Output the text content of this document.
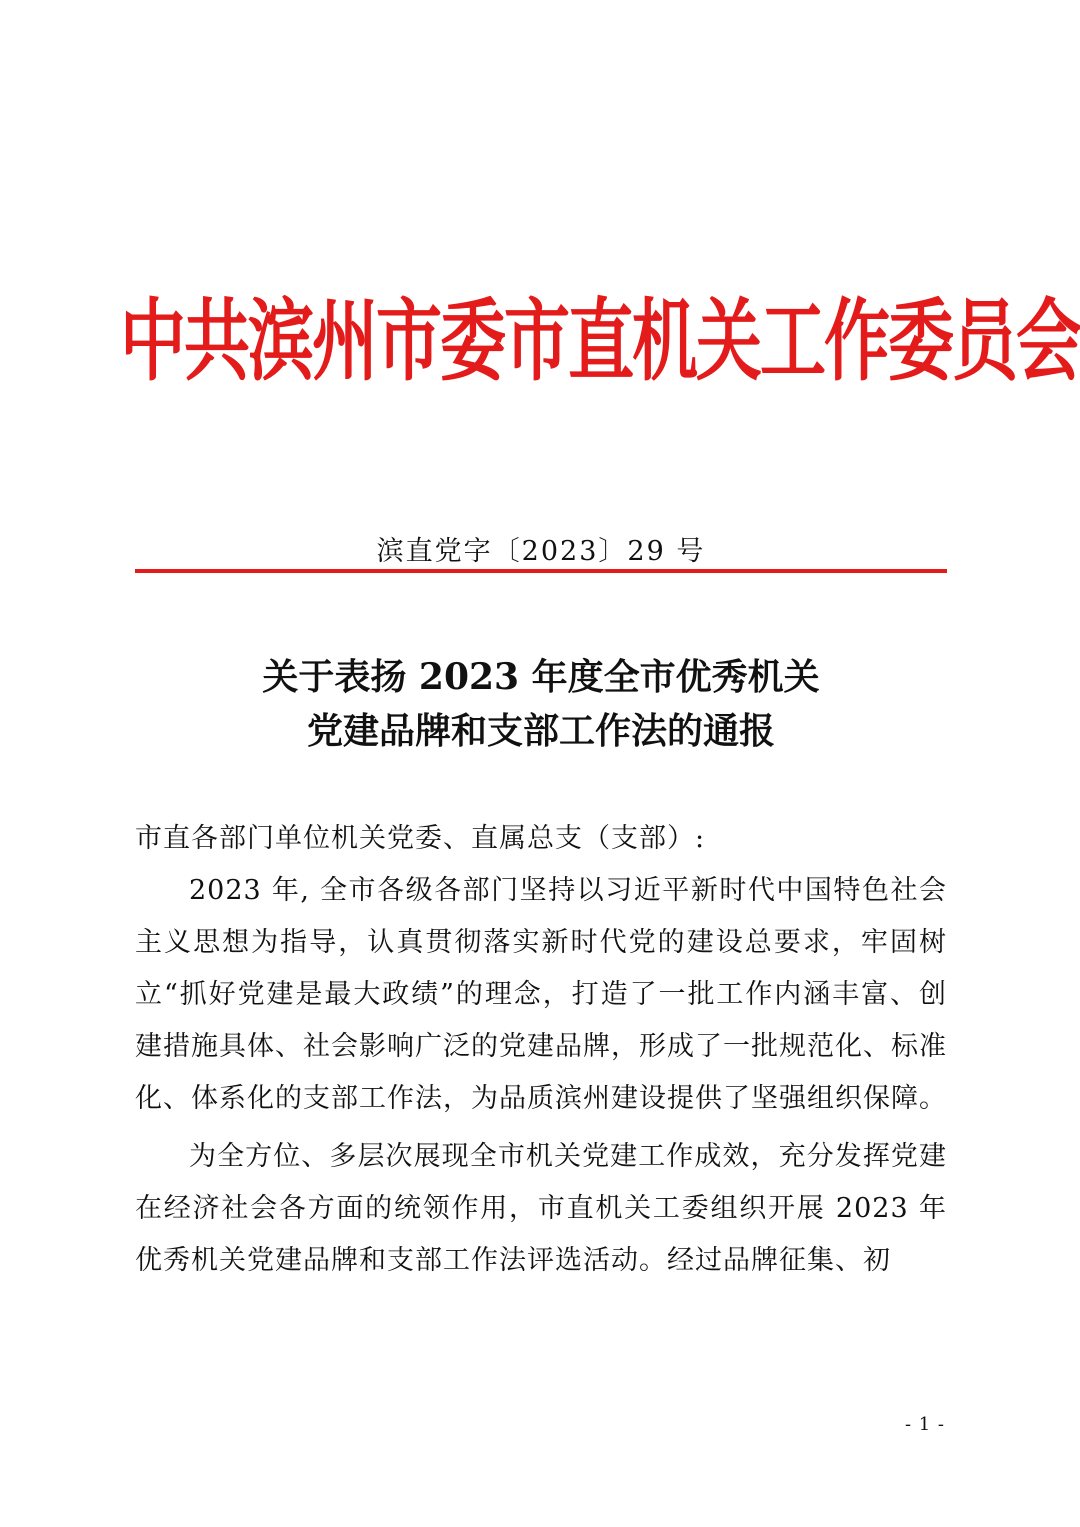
中共滨州市委市直机关工作委员会
滨直党字〔2023〕29 号
关于表扬 2023 年度全市优秀机关
党建品牌和支部工作法的通报

市直各部门单位机关党委、直属总支（支部）:

2023 年, 全市各级各部门坚持以习近平新时代中国特色社会主义思想为指导，认真贯彻落实新时代党的建设总要求，牢固树立“抓好党建是最大政绩”的理念，打造了一批工作内涵丰富、创建措施具体、社会影响广泛的党建品牌，形成了一批规范化、标准化、体系化的支部工作法，为品质滨州建设提供了坚强组织保障。

为全方位、多层次展现全市机关党建工作成效，充分发挥党建在经济社会各方面的统领作用，市直机关工委组织开展 2023 年优秀机关党建品牌和支部工作法评选活动。经过品牌征集、初

- 1 -
